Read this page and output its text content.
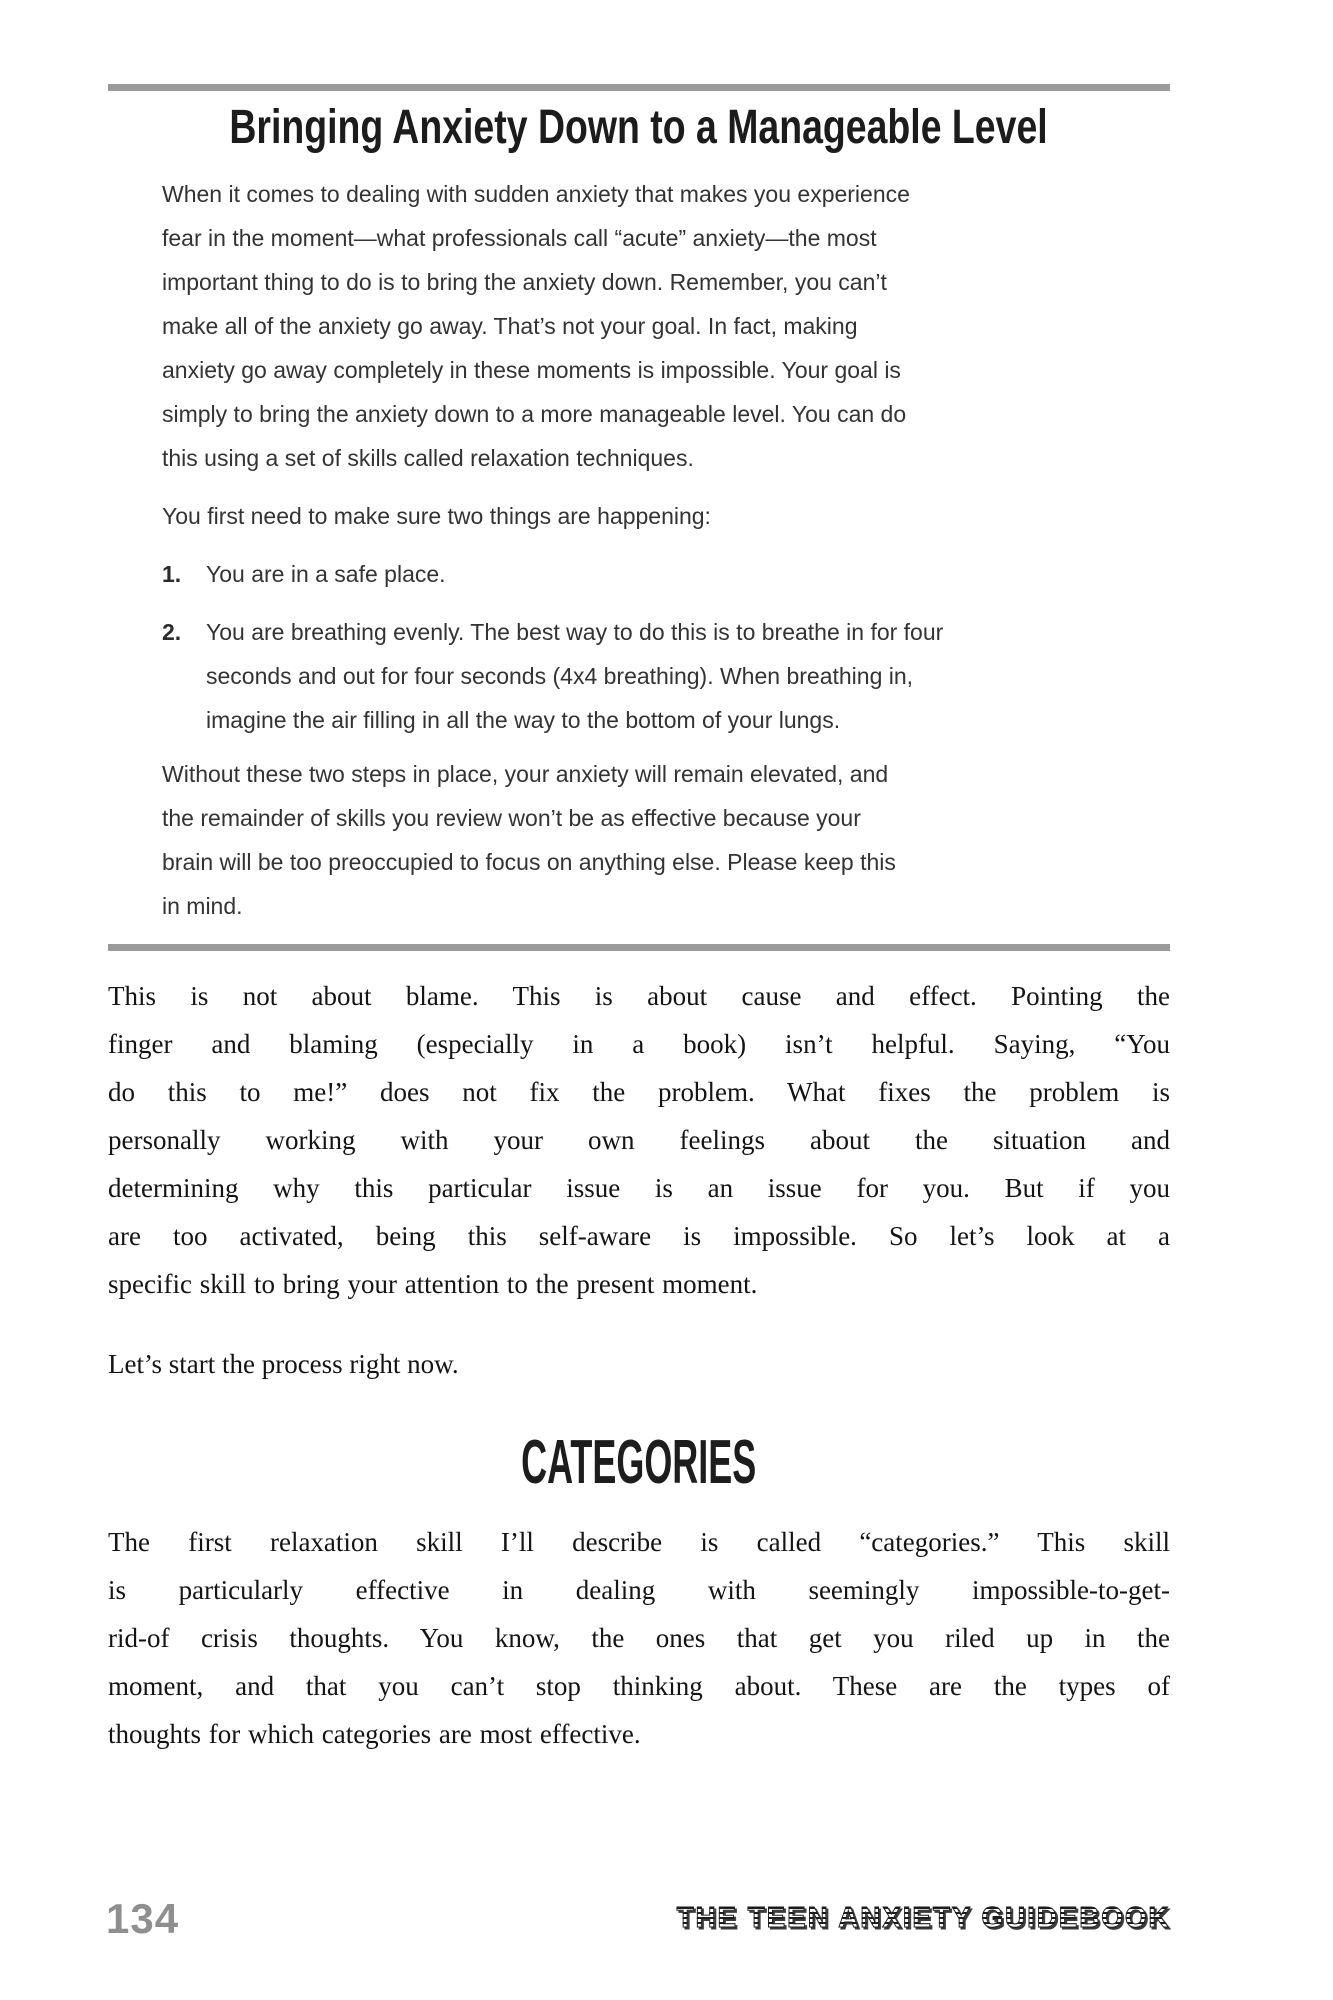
Bringing Anxiety Down to a Manageable Level
When it comes to dealing with sudden anxiety that makes you experience
fear in the moment—what professionals call “acute” anxiety—the most
important thing to do is to bring the anxiety down. Remember, you can’t
make all of the anxiety go away. That’s not your goal. In fact, making
anxiety go away completely in these moments is impossible. Your goal is
simply to bring the anxiety down to a more manageable level. You can do
this using a set of skills called relaxation techniques.

You first need to make sure two things are happening:

1. You are in a safe place.
2. You are breathing evenly. The best way to do this is to breathe in for four
seconds and out for four seconds (4x4 breathing). When breathing in,
imagine the air filling in all the way to the bottom of your lungs.
Without these two steps in place, your anxiety will remain elevated, and
the remainder of skills you review won’t be as effective because your
brain will be too preoccupied to focus on anything else. Please keep this
in mind.
This is not about blame. This is about cause and effect. Pointing the
finger and blaming (especially in a book) isn’t helpful. Saying, “You
do this to me!” does not fix the problem. What fixes the problem is
personally working with your own feelings about the situation and
determining why this particular issue is an issue for you. But if you
are too activated, being this self-aware is impossible. So let’s look at a
specific skill to bring your attention to the present moment.

Let’s start the process right now.

CATEGORIES
The first relaxation skill I’ll describe is called “categories.” This skill
is particularly effective in dealing with seemingly impossible-to-get-
rid-of crisis thoughts. You know, the ones that get you riled up in the
moment, and that you can’t stop thinking about. These are the types of
thoughts for which categories are most effective.
134	THE TEEN ANXIETY GUIDEBOOK
